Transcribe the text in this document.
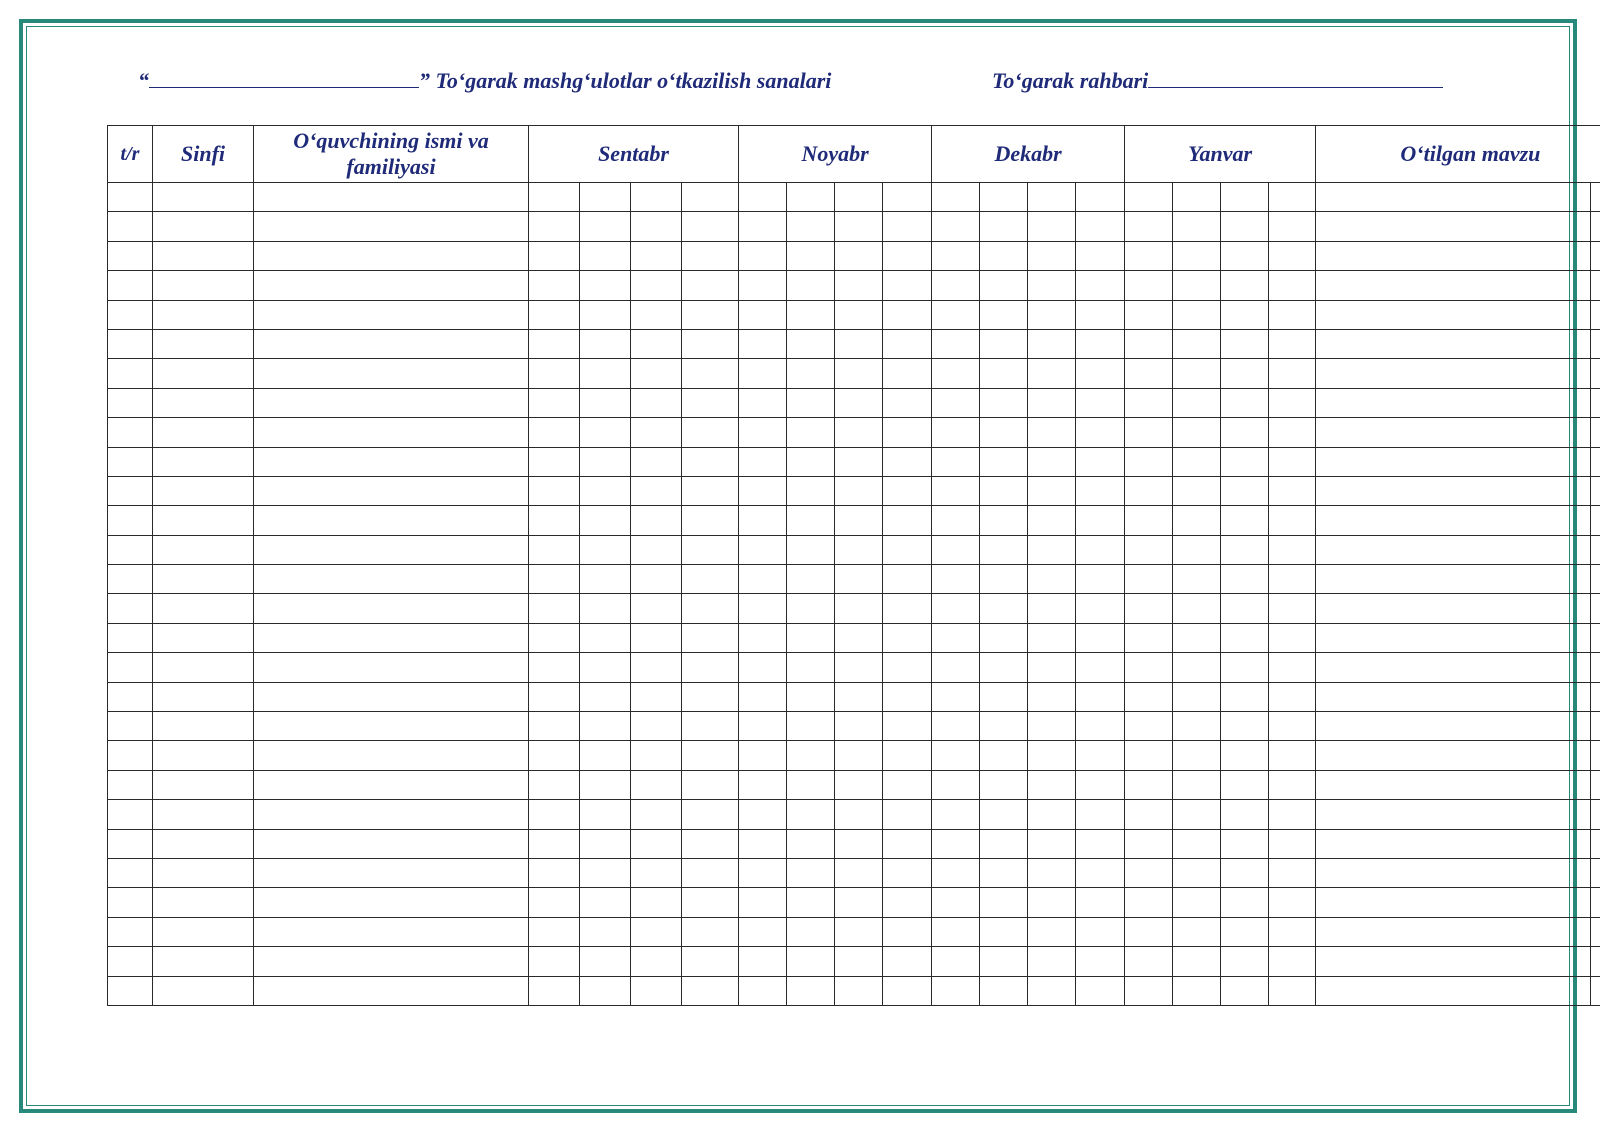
“	” To‘garak mashg‘ulotlar o‘tkazilish sanalari	To‘garak rahbari
t/r	Sinfi	O‘quvchining ismi va familiyasi	Sentabr				Noyabr				Dekabr				Yanvar				O‘tilgan mavzu	
